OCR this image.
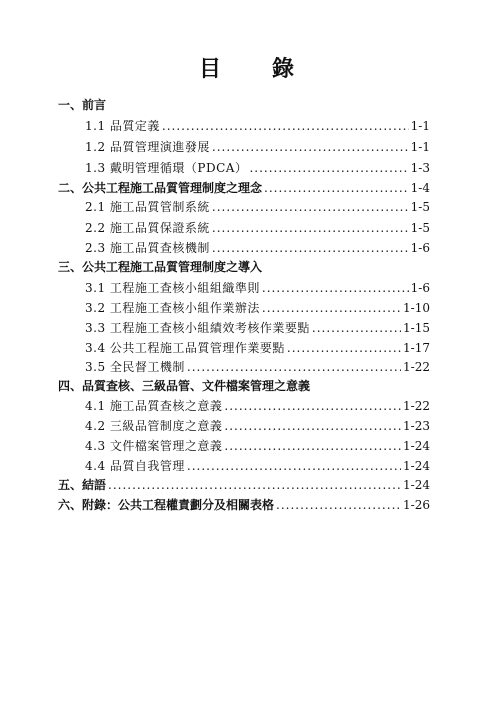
目 錄
一、前言
1.1 品質定義 .....	1-1
1.2 品質管理演進發展 .....	1-1
1.3 戴明管理循環（PDCA） .....	1-3
二、公共工程施工品質管理制度之理念 .....	1-4
2.1 施工品質管制系統 .....	1-5
2.2 施工品質保證系統 .....	1-5
2.3 施工品質查核機制 .....	1-6
三、公共工程施工品質管理制度之導入
3.1 工程施工查核小組組織準則 .....	1-6
3.2 工程施工查核小組作業辦法 .....	1-10
3.3 工程施工查核小組績效考核作業要點 .....	1-15
3.4 公共工程施工品質管理作業要點 .....	1-17
3.5 全民督工機制 .....	1-22
四、品質查核、三級品管、文件檔案管理之意義
4.1 施工品質查核之意義 .....	1-22
4.2 三級品管制度之意義 .....	1-23
4.3 文件檔案管理之意義 .....	1-24
4.4 品質自我管理 .....	1-24
五、結語 .....	1-24
六、附錄：公共工程權責劃分及相關表格 .....	1-26
